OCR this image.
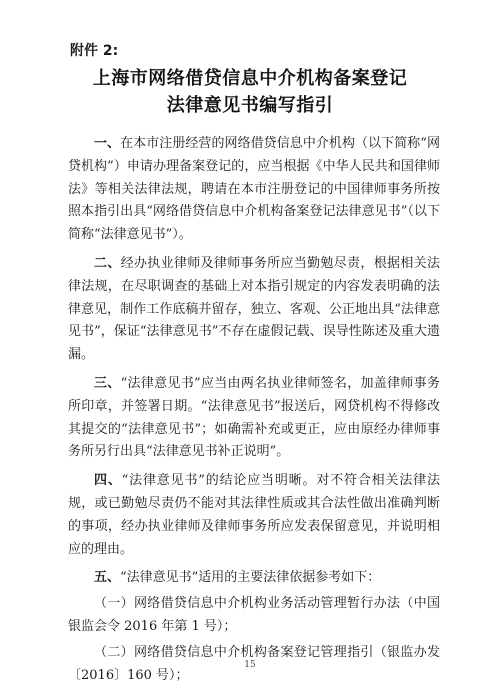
附件 2:
上海市网络借贷信息中介机构备案登记
法律意见书编写指引

一、在本市注册经营的网络借贷信息中介机构（以下简称“网贷机构”）申请办理备案登记的，应当根据《中华人民共和国律师法》等相关法律法规，聘请在本市注册登记的中国律师事务所按照本指引出具“网络借贷信息中介机构备案登记法律意见书”（以下简称“法律意见书”）。

二、经办执业律师及律师事务所应当勤勉尽责，根据相关法律法规，在尽职调查的基础上对本指引规定的内容发表明确的法律意见，制作工作底稿并留存，独立、客观、公正地出具“法律意见书”，保证“法律意见书”不存在虚假记载、误导性陈述及重大遗漏。

三、“法律意见书”应当由两名执业律师签名，加盖律师事务所印章，并签署日期。“法律意见书”报送后，网贷机构不得修改其提交的“法律意见书”；如确需补充或更正，应由原经办律师事务所另行出具“法律意见书补正说明”。

四、“法律意见书”的结论应当明晰。对不符合相关法律法规，或已勤勉尽责仍不能对其法律性质或其合法性做出准确判断的事项，经办执业律师及律师事务所应发表保留意见，并说明相应的理由。

五、“法律意见书”适用的主要法律依据参考如下：

（一）网络借贷信息中介机构业务活动管理暂行办法（中国银监会令 2016 年第 1 号）；

（二）网络借贷信息中介机构备案登记管理指引（银监办发〔2016〕160 号）；

15
